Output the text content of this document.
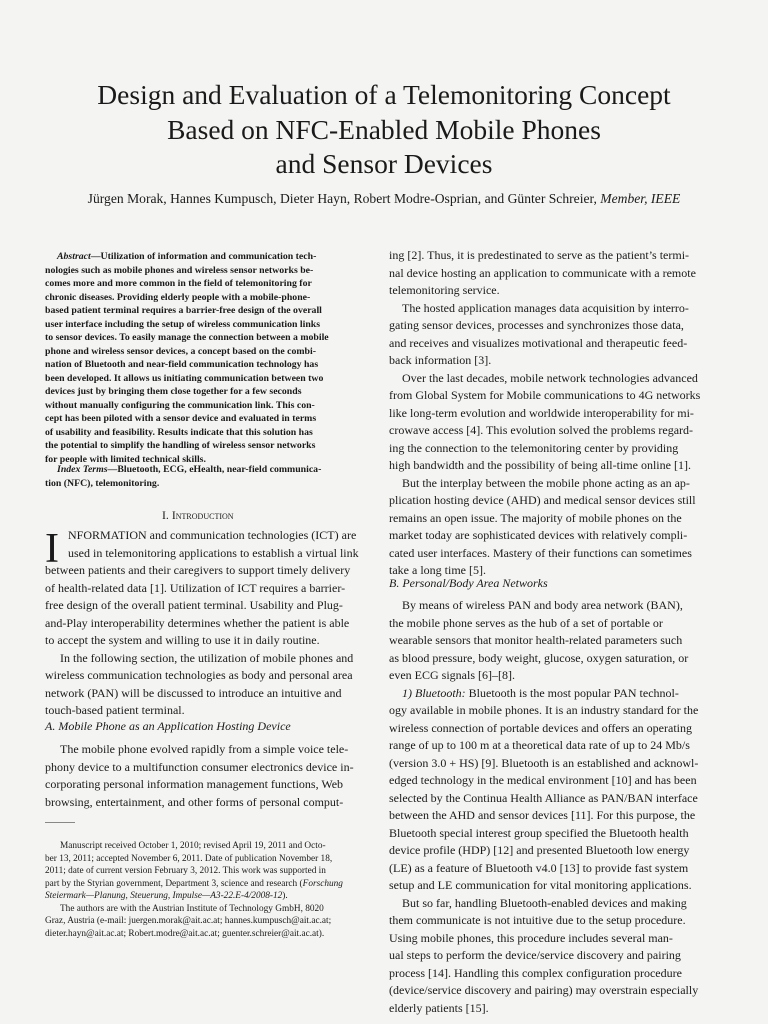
Design and Evaluation of a Telemonitoring Concept
Based on NFC-Enabled Mobile Phones
and Sensor Devices
Jürgen Morak, Hannes Kumpusch, Dieter Hayn, Robert Modre-Osprian, and Günter Schreier, Member, IEEE
Abstract—Utilization of information and communication tech-
nologies such as mobile phones and wireless sensor networks be-
comes more and more common in the field of telemonitoring for
chronic diseases. Providing elderly people with a mobile-phone-
based patient terminal requires a barrier-free design of the overall
user interface including the setup of wireless communication links
to sensor devices. To easily manage the connection between a mobile
phone and wireless sensor devices, a concept based on the combi-
nation of Bluetooth and near-field communication technology has
been developed. It allows us initiating communication between two
devices just by bringing them close together for a few seconds
without manually configuring the communication link. This con-
cept has been piloted with a sensor device and evaluated in terms
of usability and feasibility. Results indicate that this solution has
the potential to simplify the handling of wireless sensor networks
for people with limited technical skills.
Index Terms—Bluetooth, ECG, eHealth, near-field communica-
tion (NFC), telemonitoring.
I. Introduction
I NFORMATION and communication technologies (ICT) are
used in telemonitoring applications to establish a virtual link
between patients and their caregivers to support timely delivery
of health-related data [1]. Utilization of ICT requires a barrier-
free design of the overall patient terminal. Usability and Plug-
and-Play interoperability determines whether the patient is able
to accept the system and willing to use it in daily routine.
In the following section, the utilization of mobile phones and
wireless communication technologies as body and personal area
network (PAN) will be discussed to introduce an intuitive and
touch-based patient terminal.
A. Mobile Phone as an Application Hosting Device
The mobile phone evolved rapidly from a simple voice tele-
phony device to a multifunction consumer electronics device in-
corporating personal information management functions, Web
browsing, entertainment, and other forms of personal comput-
Manuscript received October 1, 2010; revised April 19, 2011 and Octo-
ber 13, 2011; accepted November 6, 2011. Date of publication November 18,
2011; date of current version February 3, 2012. This work was supported in
part by the Styrian government, Department 3, science and research (Forschung
Steiermark—Planung, Steuerung, Impulse—A3-22.E-4/2008-12).
The authors are with the Austrian Institute of Technology GmbH, 8020
Graz, Austria (e-mail: juergen.morak@ait.ac.at; hannes.kumpusch@ait.ac.at;
dieter.hayn@ait.ac.at; Robert.modre@ait.ac.at; guenter.schreier@ait.ac.at).
ing [2]. Thus, it is predestinated to serve as the patient’s termi-
nal device hosting an application to communicate with a remote
telemonitoring service.
The hosted application manages data acquisition by interro-
gating sensor devices, processes and synchronizes those data,
and receives and visualizes motivational and therapeutic feed-
back information [3].
Over the last decades, mobile network technologies advanced
from Global System for Mobile communications to 4G networks
like long-term evolution and worldwide interoperability for mi-
crowave access [4]. This evolution solved the problems regard-
ing the connection to the telemonitoring center by providing
high bandwidth and the possibility of being all-time online [1].
But the interplay between the mobile phone acting as an ap-
plication hosting device (AHD) and medical sensor devices still
remains an open issue. The majority of mobile phones on the
market today are sophisticated devices with relatively compli-
cated user interfaces. Mastery of their functions can sometimes
take a long time [5].
B. Personal/Body Area Networks
By means of wireless PAN and body area network (BAN),
the mobile phone serves as the hub of a set of portable or
wearable sensors that monitor health-related parameters such
as blood pressure, body weight, glucose, oxygen saturation, or
even ECG signals [6]–[8].
1) Bluetooth: Bluetooth is the most popular PAN technol-
ogy available in mobile phones. It is an industry standard for the
wireless connection of portable devices and offers an operating
range of up to 100 m at a theoretical data rate of up to 24 Mb/s
(version 3.0 + HS) [9]. Bluetooth is an established and acknowl-
edged technology in the medical environment [10] and has been
selected by the Continua Health Alliance as PAN/BAN interface
between the AHD and sensor devices [11]. For this purpose, the
Bluetooth special interest group specified the Bluetooth health
device profile (HDP) [12] and presented Bluetooth low energy
(LE) as a feature of Bluetooth v4.0 [13] to provide fast system
setup and LE communication for vital monitoring applications.
But so far, handling Bluetooth-enabled devices and making
them communicate is not intuitive due to the setup procedure.
Using mobile phones, this procedure includes several man-
ual steps to perform the device/service discovery and pairing
process [14]. Handling this complex configuration procedure
(device/service discovery and pairing) may overstrain especially
elderly patients [15].
